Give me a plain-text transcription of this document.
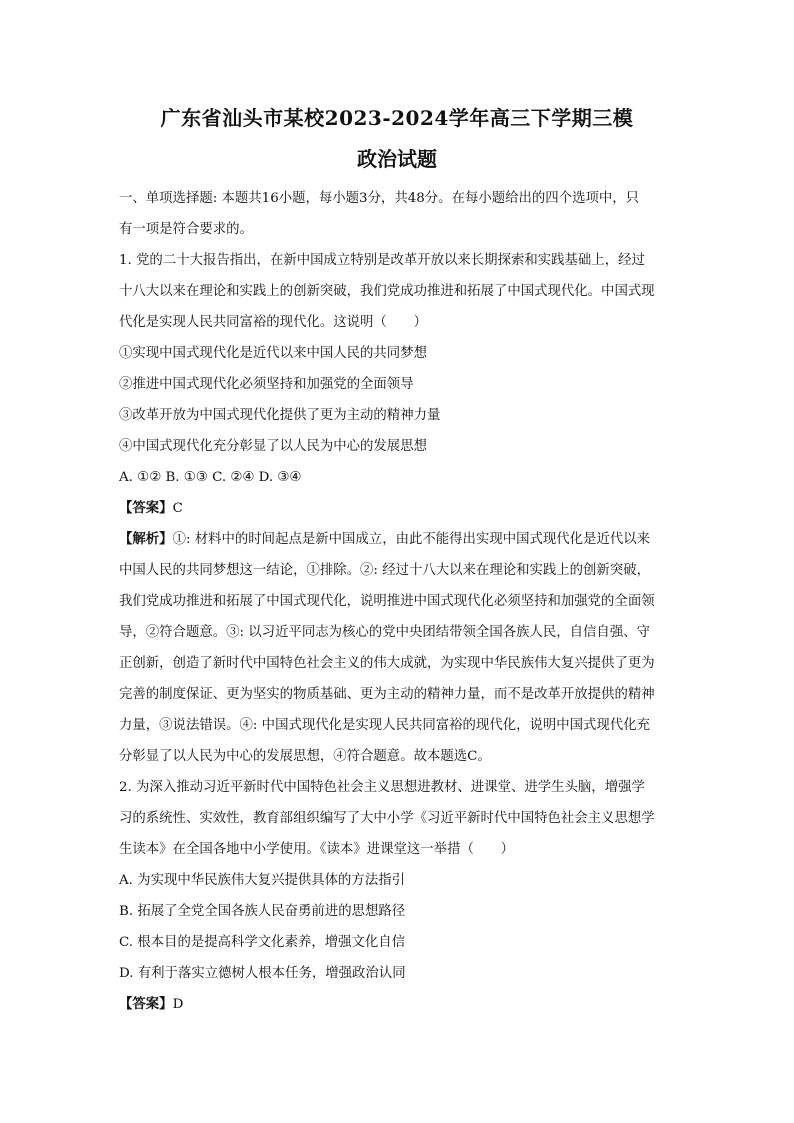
广东省汕头市某校2023-2024学年高三下学期三模
政治试题

一、单项选择题: 本题共16小题，每小题3分，共48分。在每小题给出的四个选项中，只

有一项是符合要求的。

1. 党的二十大报告指出，在新中国成立特别是改革开放以来长期探索和实践基础上，经过

十八大以来在理论和实践上的创新突破，我们党成功推进和拓展了中国式现代化。中国式现

代化是实现人民共同富裕的现代化。这说明（　　）

①实现中国式现代化是近代以来中国人民的共同梦想

②推进中国式现代化必须坚持和加强党的全面领导

③改革开放为中国式现代化提供了更为主动的精神力量

④中国式现代化充分彰显了以人民为中心的发展思想

A. ①② B. ①③ C. ②④ D. ③④

【答案】C

【解析】①: 材料中的时间起点是新中国成立，由此不能得出实现中国式现代化是近代以来

中国人民的共同梦想这一结论，①排除。②: 经过十八大以来在理论和实践上的创新突破，

我们党成功推进和拓展了中国式现代化，说明推进中国式现代化必须坚持和加强党的全面领

导，②符合题意。③: 以习近平同志为核心的党中央团结带领全国各族人民，自信自强、守

正创新，创造了新时代中国特色社会主义的伟大成就，为实现中华民族伟大复兴提供了更为

完善的制度保证、更为坚实的物质基础、更为主动的精神力量，而不是改革开放提供的精神

力量，③说法错误。④: 中国式现代化是实现人民共同富裕的现代化，说明中国式现代化充

分彰显了以人民为中心的发展思想，④符合题意。故本题选C。

2. 为深入推动习近平新时代中国特色社会主义思想进教材、进课堂、进学生头脑，增强学

习的系统性、实效性，教育部组织编写了大中小学《习近平新时代中国特色社会主义思想学

生读本》在全国各地中小学使用。《读本》进课堂这一举措（　　）

A. 为实现中华民族伟大复兴提供具体的方法指引

B. 拓展了全党全国各族人民奋勇前进的思想路径

C. 根本目的是提高科学文化素养，增强文化自信

D. 有利于落实立德树人根本任务，增强政治认同

【答案】D
